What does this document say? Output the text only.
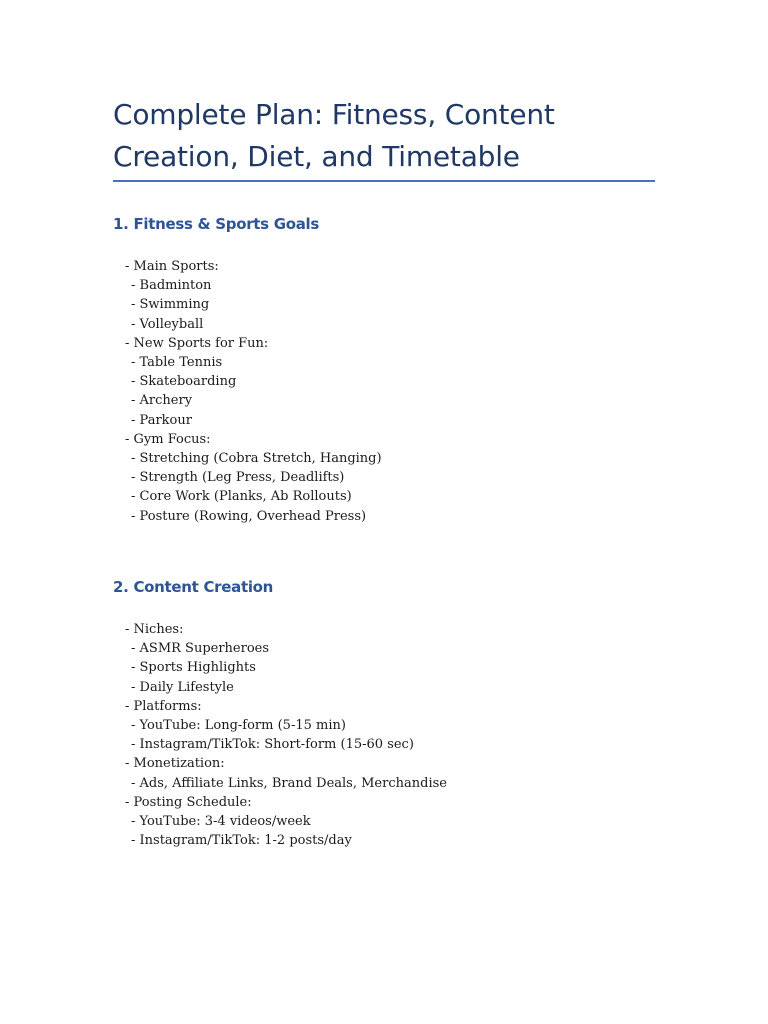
Complete Plan: Fitness, Content
Creation, Diet, and Timetable
1. Fitness & Sports Goals
- Main Sports:
- Badminton
- Swimming
- Volleyball
- New Sports for Fun:
- Table Tennis
- Skateboarding
- Archery
- Parkour
- Gym Focus:
- Stretching (Cobra Stretch, Hanging)
- Strength (Leg Press, Deadlifts)
- Core Work (Planks, Ab Rollouts)
- Posture (Rowing, Overhead Press)
2. Content Creation
- Niches:
- ASMR Superheroes
- Sports Highlights
- Daily Lifestyle
- Platforms:
- YouTube: Long-form (5-15 min)
- Instagram/TikTok: Short-form (15-60 sec)
- Monetization:
- Ads, Affiliate Links, Brand Deals, Merchandise
- Posting Schedule:
- YouTube: 3-4 videos/week
- Instagram/TikTok: 1-2 posts/day
